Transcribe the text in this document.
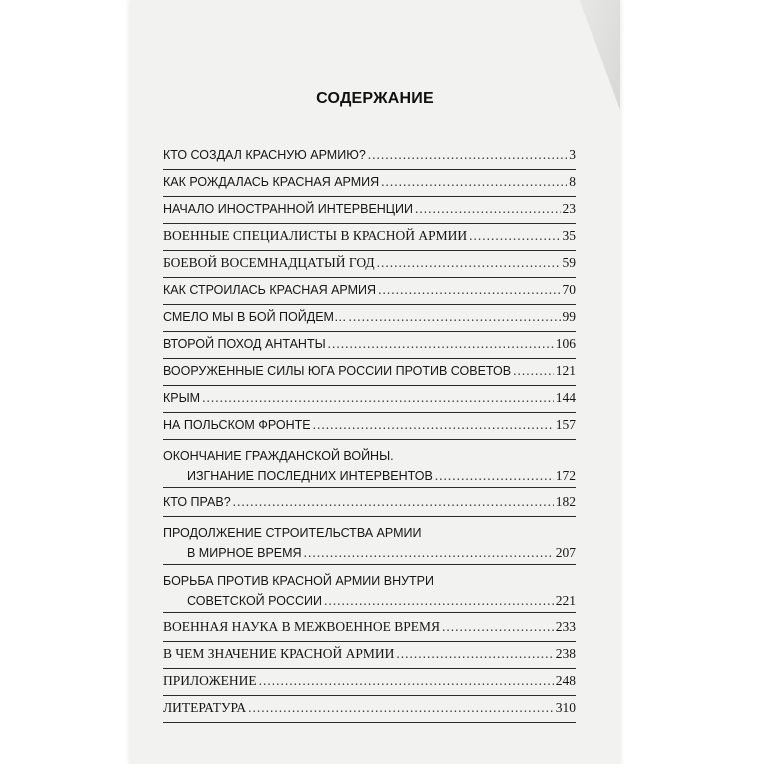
СОДЕРЖАНИЕ
КТО СОЗДАЛ КРАСНУЮ АРМИЮ? .....	3
КАК РОЖДАЛАСЬ КРАСНАЯ АРМИЯ .....	8
НАЧАЛО ИНОСТРАННОЙ ИНТЕРВЕНЦИИ .....	23
ВОЕННЫЕ СПЕЦИАЛИСТЫ В КРАСНОЙ АРМИИ .....	35
БОЕВОЙ ВОСЕМНАДЦАТЫЙ ГОД .....	59
КАК СТРОИЛАСЬ КРАСНАЯ АРМИЯ .....	70
СМЕЛО МЫ В БОЙ ПОЙДЕМ… .....	99
ВТОРОЙ ПОХОД АНТАНТЫ .....	106
ВООРУЖЕННЫЕ СИЛЫ ЮГА РОССИИ ПРОТИВ СОВЕТОВ .....	121
КРЫМ .....	144
НА ПОЛЬСКОМ ФРОНТЕ .....	157
ОКОНЧАНИЕ ГРАЖДАНСКОЙ ВОЙНЫ.
ИЗГНАНИЕ ПОСЛЕДНИХ ИНТЕРВЕНТОВ .....	172
КТО ПРАВ? .....	182
ПРОДОЛЖЕНИЕ СТРОИТЕЛЬСТВА АРМИИ
В МИРНОЕ ВРЕМЯ .....	207
БОРЬБА ПРОТИВ КРАСНОЙ АРМИИ ВНУТРИ
СОВЕТСКОЙ РОССИИ .....	221
ВОЕННАЯ НАУКА В МЕЖВОЕННОЕ ВРЕМЯ .....	233
В ЧЕМ ЗНАЧЕНИЕ КРАСНОЙ АРМИИ .....	238
ПРИЛОЖЕНИЕ .....	248
ЛИТЕРАТУРА .....	310
